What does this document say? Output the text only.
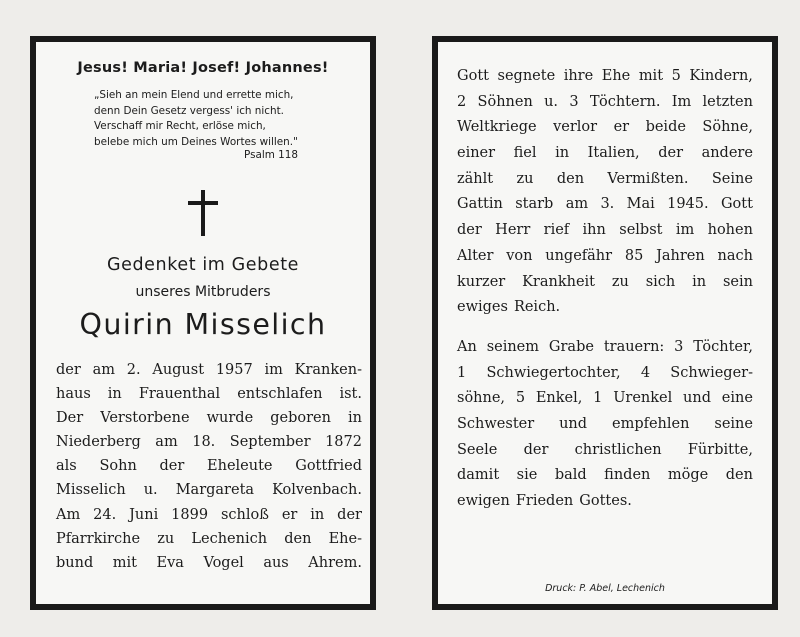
Jesus! Maria! Josef! Johannes!
„Sieh an mein Elend und errette mich,
denn Dein Gesetz vergess' ich nicht.
Verschaff mir Recht, erlöse mich,
belebe mich um Deines Wortes willen."
Psalm 118
Gedenket im Gebete
unseres Mitbruders
Quirin Misselich
der am 2. August 1957 im Kranken-
haus in Frauenthal entschlafen ist.
Der Verstorbene wurde geboren in
Niederberg am 18. September 1872
als Sohn der Eheleute Gottfried
Misselich u. Margareta Kolvenbach.
Am 24. Juni 1899 schloß er in der
Pfarrkirche zu Lechenich den Ehe-
bund mit Eva Vogel aus Ahrem.
Gott segnete ihre Ehe mit 5 Kindern,
2 Söhnen u. 3 Töchtern. Im letzten
Weltkriege verlor er beide Söhne,
einer fiel in Italien, der andere
zählt zu den Vermißten. Seine
Gattin starb am 3. Mai 1945. Gott
der Herr rief ihn selbst im hohen
Alter von ungefähr 85 Jahren nach
kurzer Krankheit zu sich in sein
ewiges Reich.
An seinem Grabe trauern: 3 Töchter,
1 Schwiegertochter, 4 Schwieger-
söhne, 5 Enkel, 1 Urenkel und eine
Schwester und empfehlen seine
Seele der christlichen Fürbitte,
damit sie bald finden möge den
ewigen Frieden Gottes.
Druck: P. Abel, Lechenich
